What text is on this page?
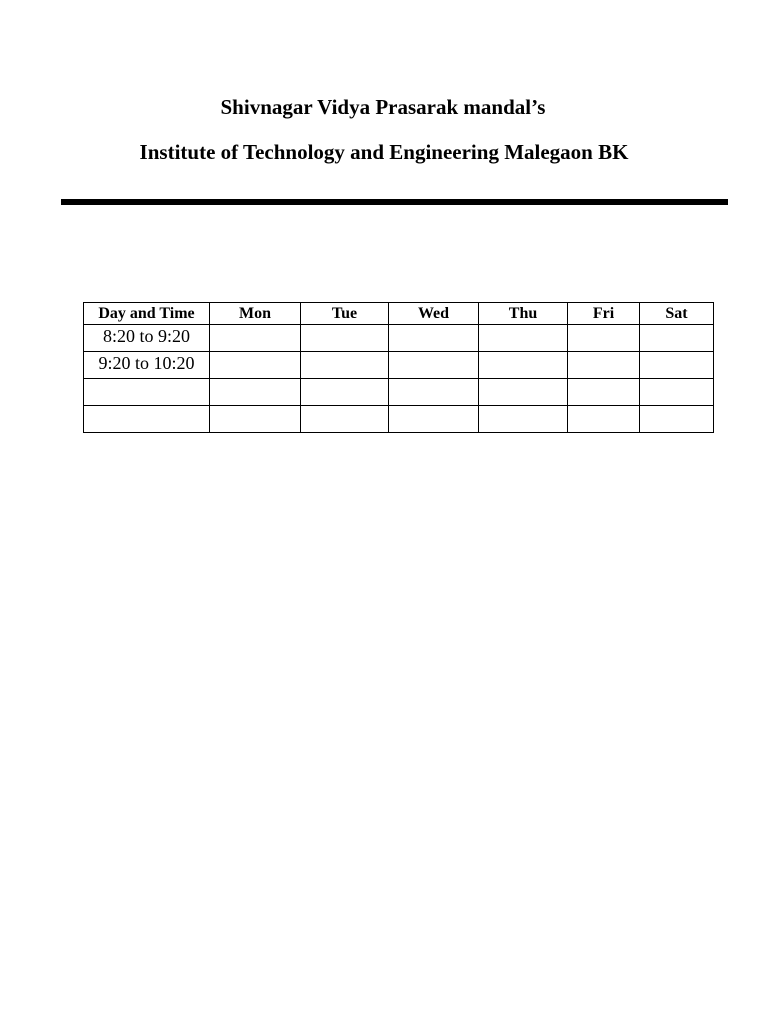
Shivnagar Vidya Prasarak mandal’s
Institute of Technology and Engineering Malegaon BK
Day and Time	Mon	Tue	Wed	Thu	Fri	Sat
8:20 to 9:20						
9:20 to 10:20						
